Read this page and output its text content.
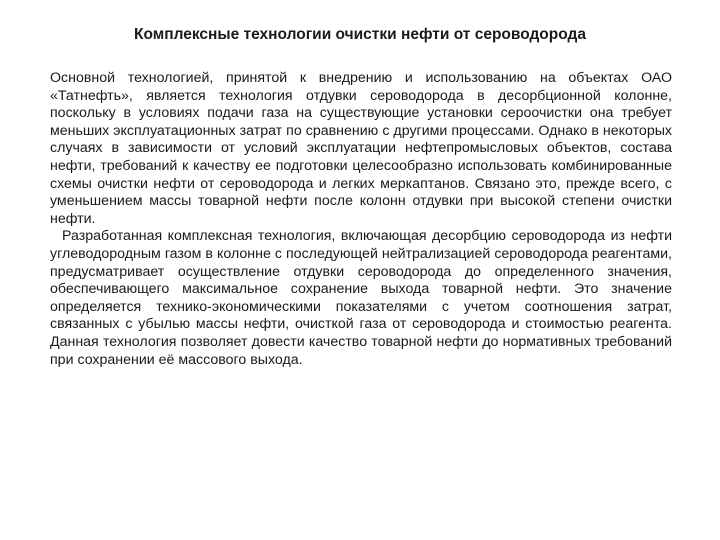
Комплексные технологии очистки нефти от сероводорода

Основной технологией, принятой к внедрению и использованию на объектах ОАО «Татнефть», является технология отдувки сероводорода в десорбционной колонне, поскольку в условиях подачи газа на существующие установки сероочистки она требует меньших эксплуатационных затрат по сравнению с другими процессами. Однако в некоторых случаях в зависимости от условий эксплуатации нефтепромысловых объектов, состава нефти, требований к качеству ее подготовки целесообразно использовать комбинированные схемы очистки нефти от сероводорода и легких меркаптанов. Связано это, прежде всего, с уменьшением массы товарной нефти после колонн отдувки при высокой степени очистки нефти.

Разработанная комплексная технология, включающая десорбцию сероводорода из нефти углеводородным газом в колонне с последующей нейтрализацией сероводорода реагентами, предусматривает осуществление отдувки сероводорода до определенного значения, обеспечивающего максимальное сохранение выхода товарной нефти. Это значение определяется технико-экономическими показателями с учетом соотношения затрат, связанных с убылью массы нефти, очисткой газа от сероводорода и стоимостью реагента. Данная технология позволяет довести качество товарной нефти до нормативных требований при сохранении её массового выхода.
